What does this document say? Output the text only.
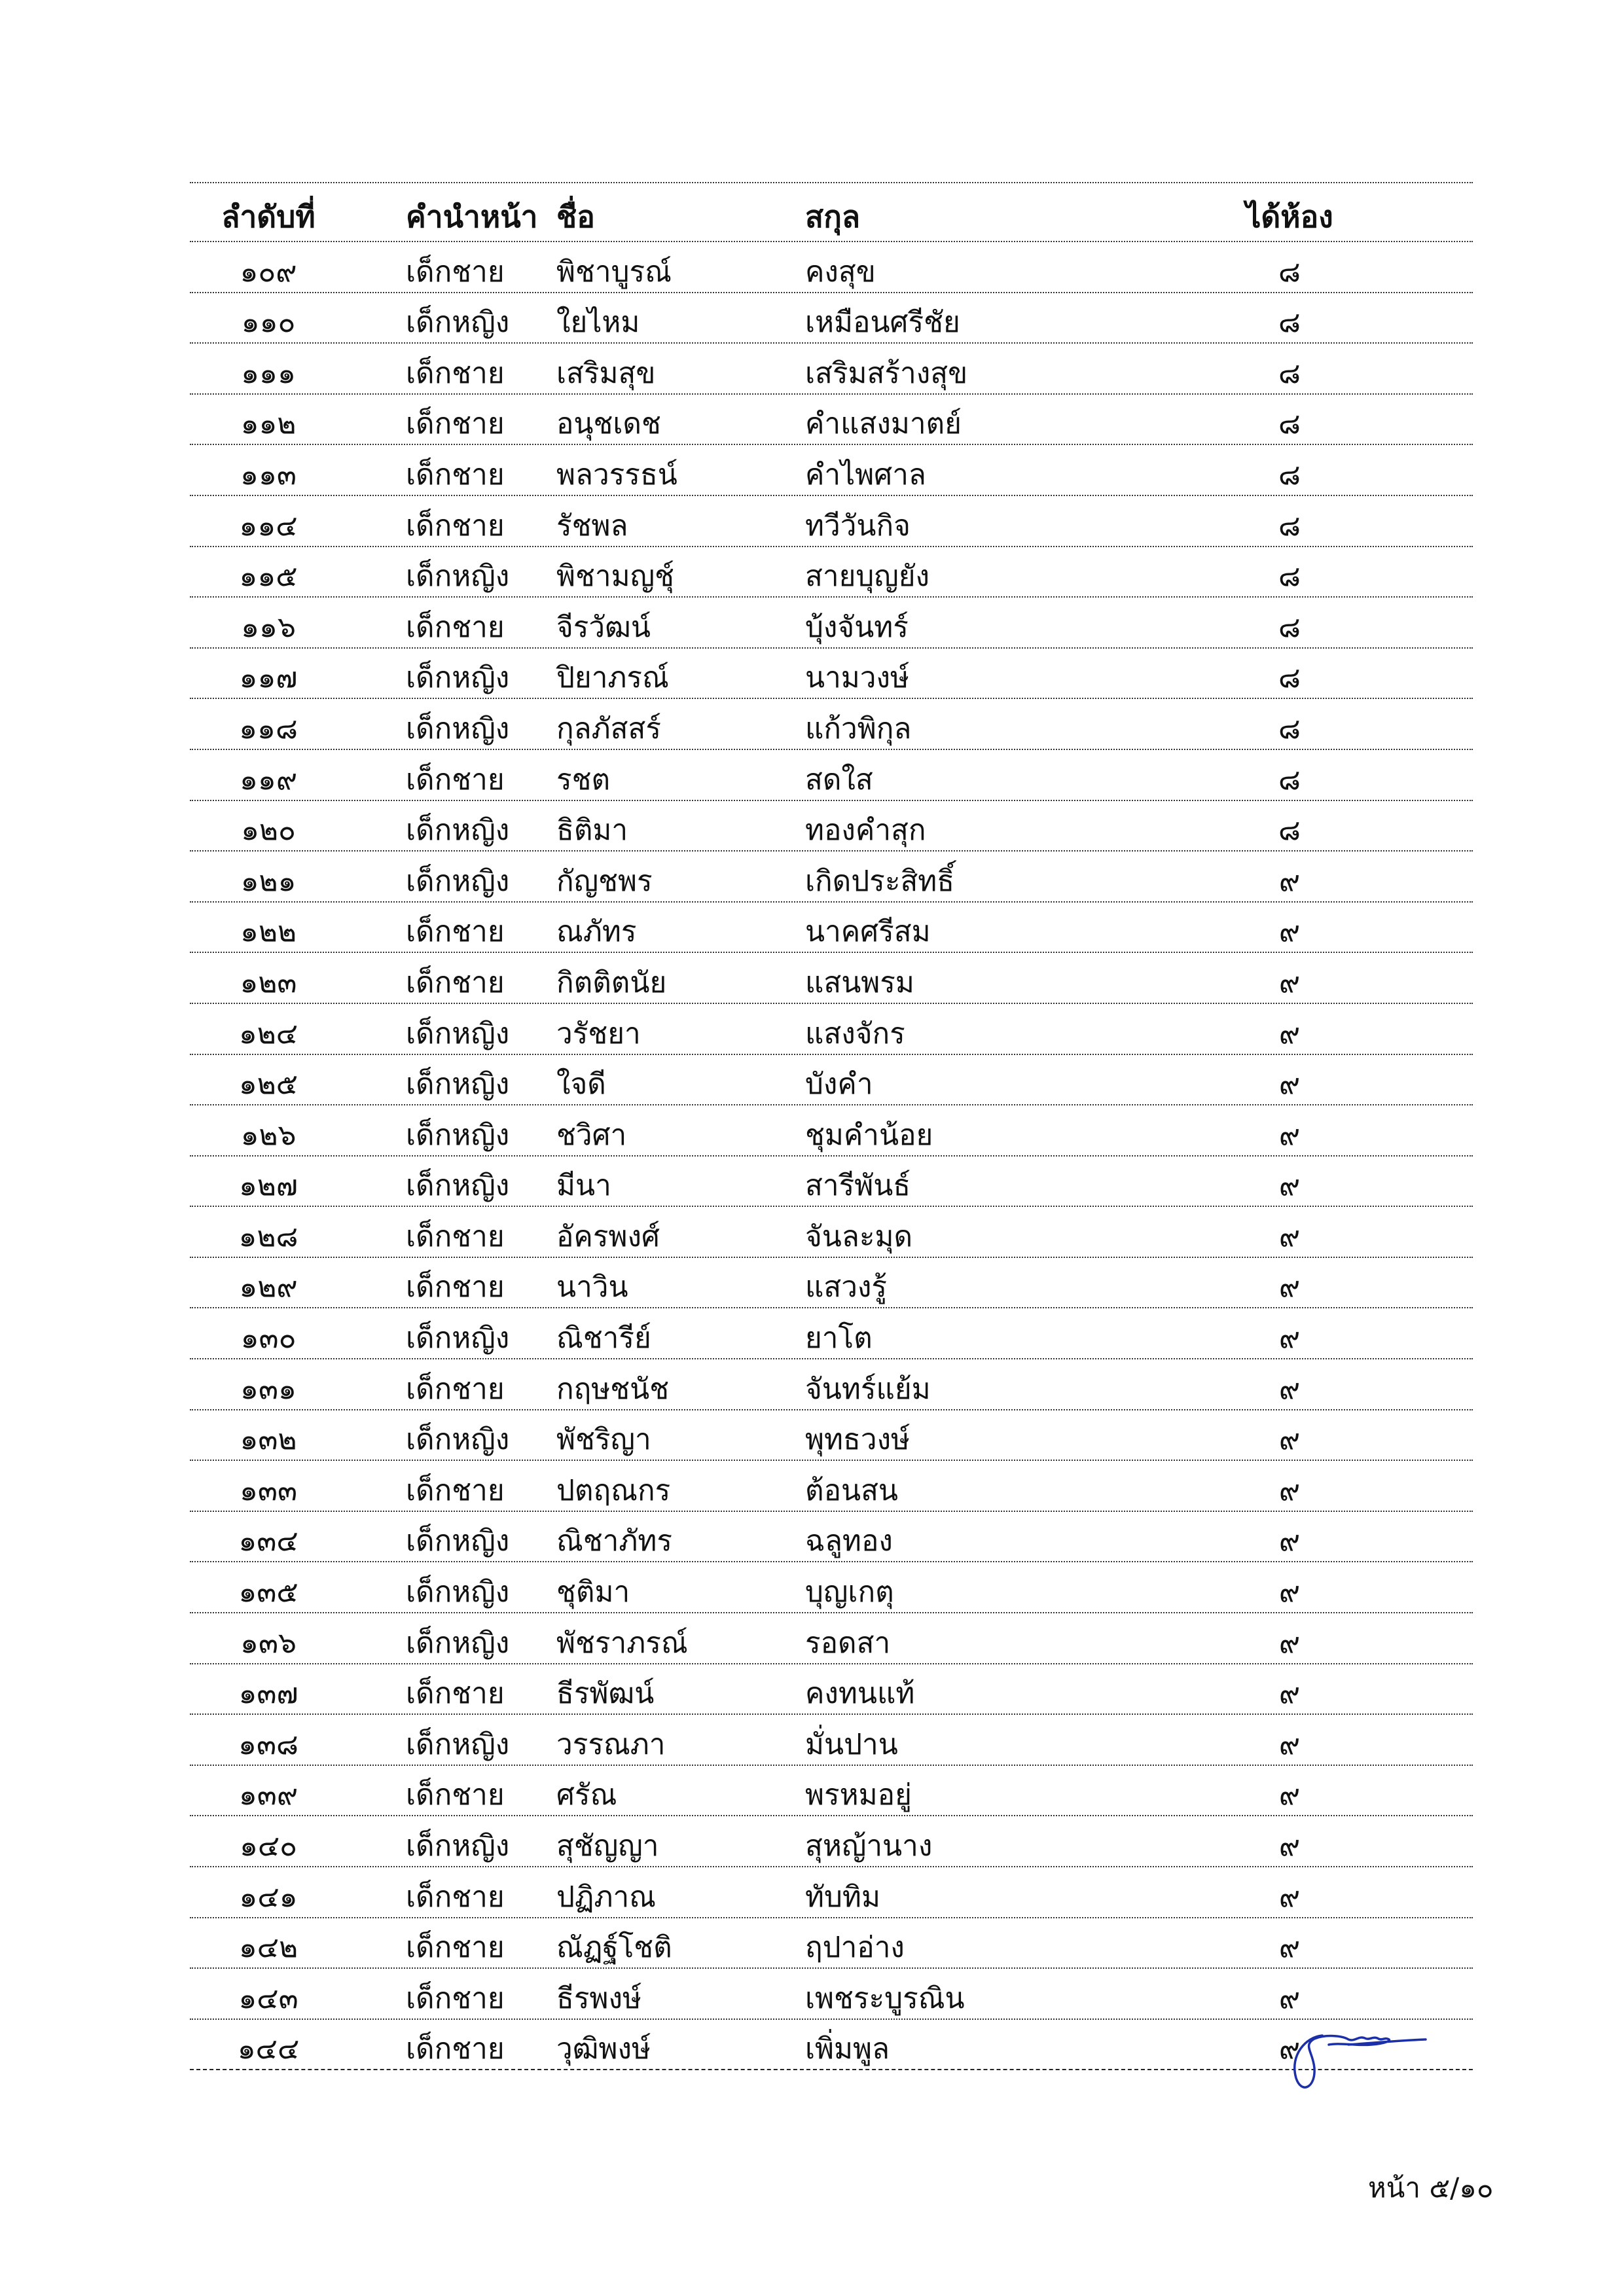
ลำดับที่	คำนำหน้า ชื่อ	สกุล	ได้ห้อง
๑๐๙	เด็กชาย พิชาบูรณ์	คงสุข	๘
๑๑๐	เด็กหญิง ใยไหม	เหมือนศรีชัย	๘
๑๑๑	เด็กชาย เสริมสุข	เสริมสร้างสุข	๘
๑๑๒	เด็กชาย อนุชเดช	คำแสงมาตย์	๘
๑๑๓	เด็กชาย พลวรรธน์	คำไพศาล	๘
๑๑๔	เด็กชาย รัชพล	ทวีวันกิจ	๘
๑๑๕	เด็กหญิง พิชามญชุ์	สายบุญยัง	๘
๑๑๖	เด็กชาย จีรวัฒน์	บุ้งจันทร์	๘
๑๑๗	เด็กหญิง ปิยาภรณ์	นามวงษ์	๘
๑๑๘	เด็กหญิง กุลภัสสร์	แก้วพิกุล	๘
๑๑๙	เด็กชาย รชต	สดใส	๘
๑๒๐	เด็กหญิง ธิติมา	ทองคำสุก	๘
๑๒๑	เด็กหญิง กัญชพร	เกิดประสิทธิ์	๙
๑๒๒	เด็กชาย ณภัทร	นาคศรีสม	๙
๑๒๓	เด็กชาย กิตติตนัย	แสนพรม	๙
๑๒๔	เด็กหญิง วรัชยา	แสงจักร	๙
๑๒๕	เด็กหญิง ใจดี	บังคำ	๙
๑๒๖	เด็กหญิง ชวิศา	ชุมคำน้อย	๙
๑๒๗	เด็กหญิง มีนา	สารีพันธ์	๙
๑๒๘	เด็กชาย อัครพงศ์	จันละมุด	๙
๑๒๙	เด็กชาย นาวิน	แสวงรู้	๙
๑๓๐	เด็กหญิง ณิชารีย์	ยาโต	๙
๑๓๑	เด็กชาย กฤษชนัช	จันทร์แย้ม	๙
๑๓๒	เด็กหญิง พัชริญา	พุทธวงษ์	๙
๑๓๓	เด็กชาย ปตฤณกร	ต้อนสน	๙
๑๓๔	เด็กหญิง ณิชาภัทร	ฉลูทอง	๙
๑๓๕	เด็กหญิง ชุติมา	บุญเกตุ	๙
๑๓๖	เด็กหญิง พัชราภรณ์	รอดสา	๙
๑๓๗	เด็กชาย ธีรพัฒน์	คงทนแท้	๙
๑๓๘	เด็กหญิง วรรณภา	มั่นปาน	๙
๑๓๙	เด็กชาย ศรัณ	พรหมอยู่	๙
๑๔๐	เด็กหญิง สุชัญญา	สุหญ้านาง	๙
๑๔๑	เด็กชาย ปฏิภาณ	ทับทิม	๙
๑๔๒	เด็กชาย ณัฏฐ์โชติ	ฤปาอ่าง	๙
๑๔๓	เด็กชาย ธีรพงษ์	เพชระบูรณิน	๙
๑๔๔	เด็กชาย วุฒิพงษ์	เพิ่มพูล	๙
หน้า ๕/๑๐
